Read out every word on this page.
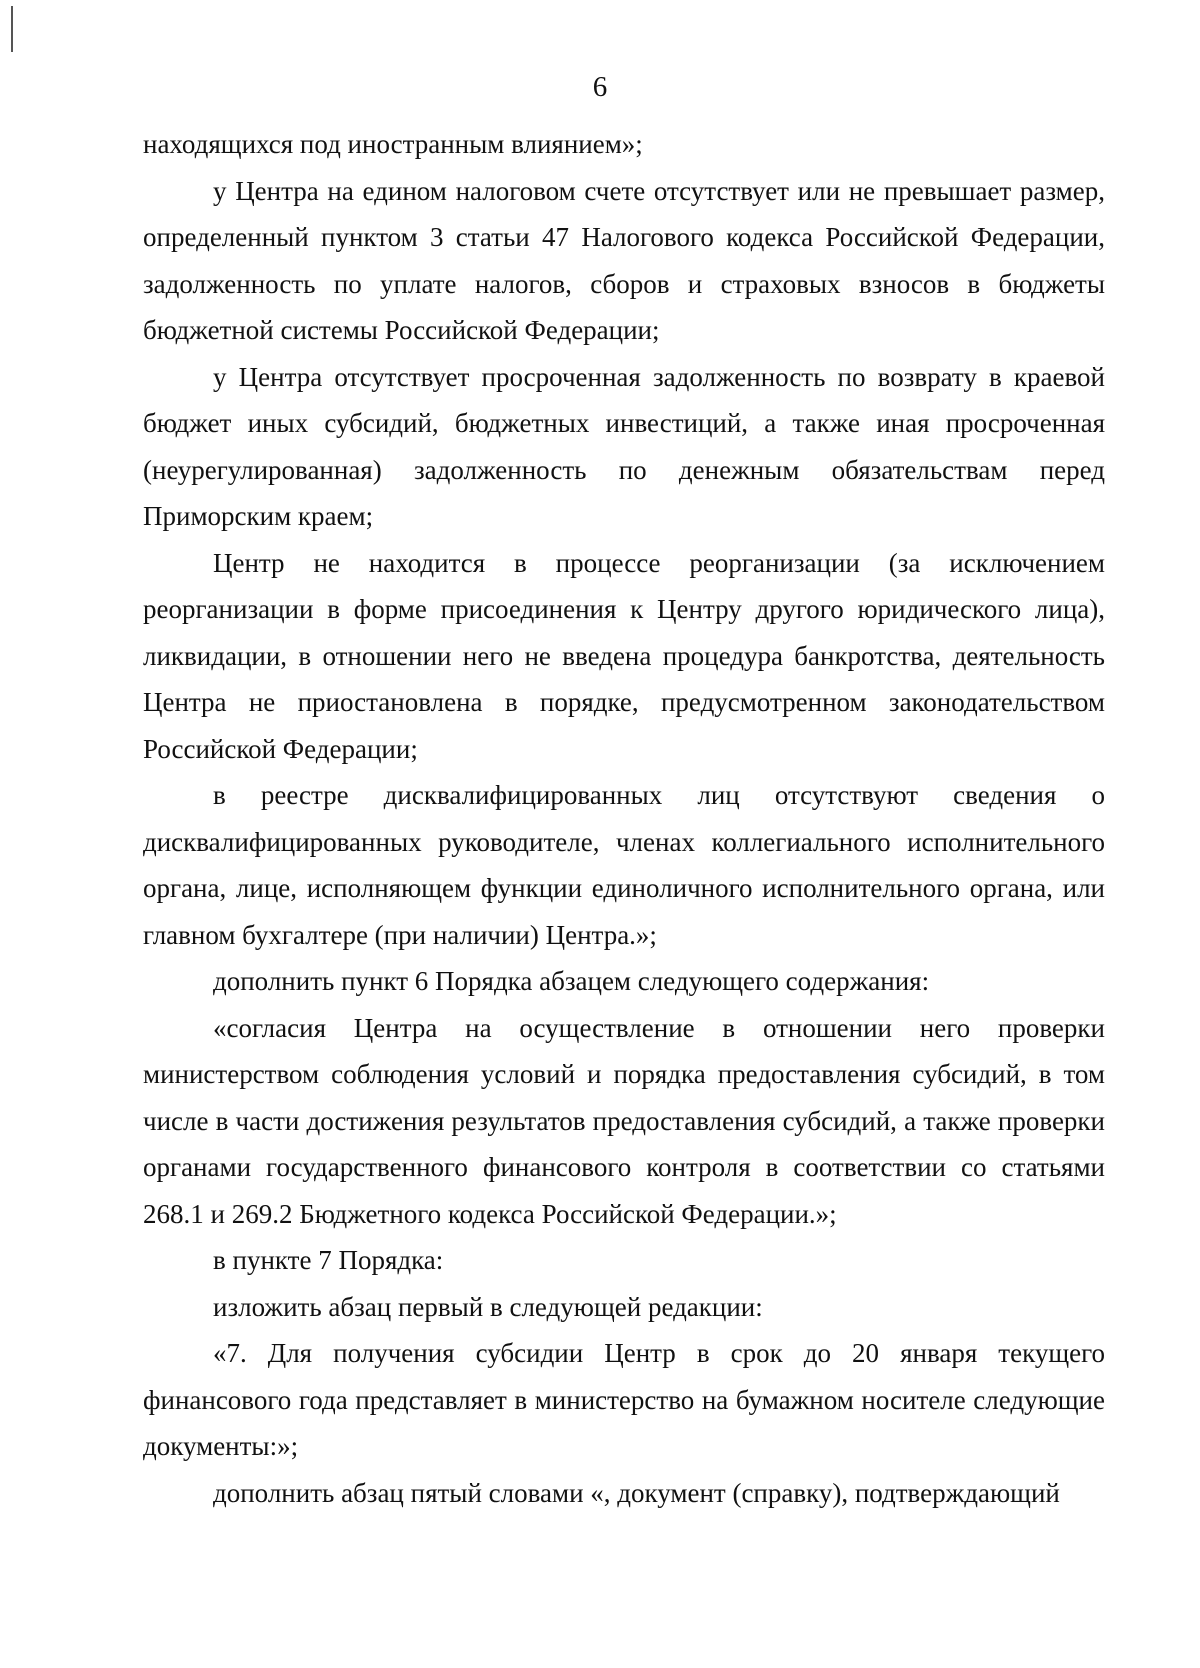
6

находящихся под иностранным влиянием»;

у Центра на едином налоговом счете отсутствует или не превышает размер, определенный пунктом 3 статьи 47 Налогового кодекса Российской Федерации, задолженность по уплате налогов, сборов и страховых взносов в бюджеты бюджетной системы Российской Федерации;

у Центра отсутствует просроченная задолженность по возврату в краевой бюджет иных субсидий, бюджетных инвестиций, а также иная просроченная (неурегулированная) задолженность по денежным обязательствам перед Приморским краем;

Центр не находится в процессе реорганизации (за исключением реорганизации в форме присоединения к Центру другого юридического лица), ликвидации, в отношении него не введена процедура банкротства, деятельность Центра не приостановлена в порядке, предусмотренном законодательством Российской Федерации;

в реестре дисквалифицированных лиц отсутствуют сведения о дисквалифицированных руководителе, членах коллегиального исполнительного органа, лице, исполняющем функции единоличного исполнительного органа, или главном бухгалтере (при наличии) Центра.»;

дополнить пункт 6 Порядка абзацем следующего содержания:

«согласия Центра на осуществление в отношении него проверки министерством соблюдения условий и порядка предоставления субсидий, в том числе в части достижения результатов предоставления субсидий, а также проверки органами государственного финансового контроля в соответствии со статьями 268.1 и 269.2 Бюджетного кодекса Российской Федерации.»;

в пункте 7 Порядка:

изложить абзац первый в следующей редакции:

«7. Для получения субсидии Центр в срок до 20 января текущего финансового года представляет в министерство на бумажном носителе следующие документы:»;

дополнить абзац пятый словами «, документ (справку), подтверждающий
